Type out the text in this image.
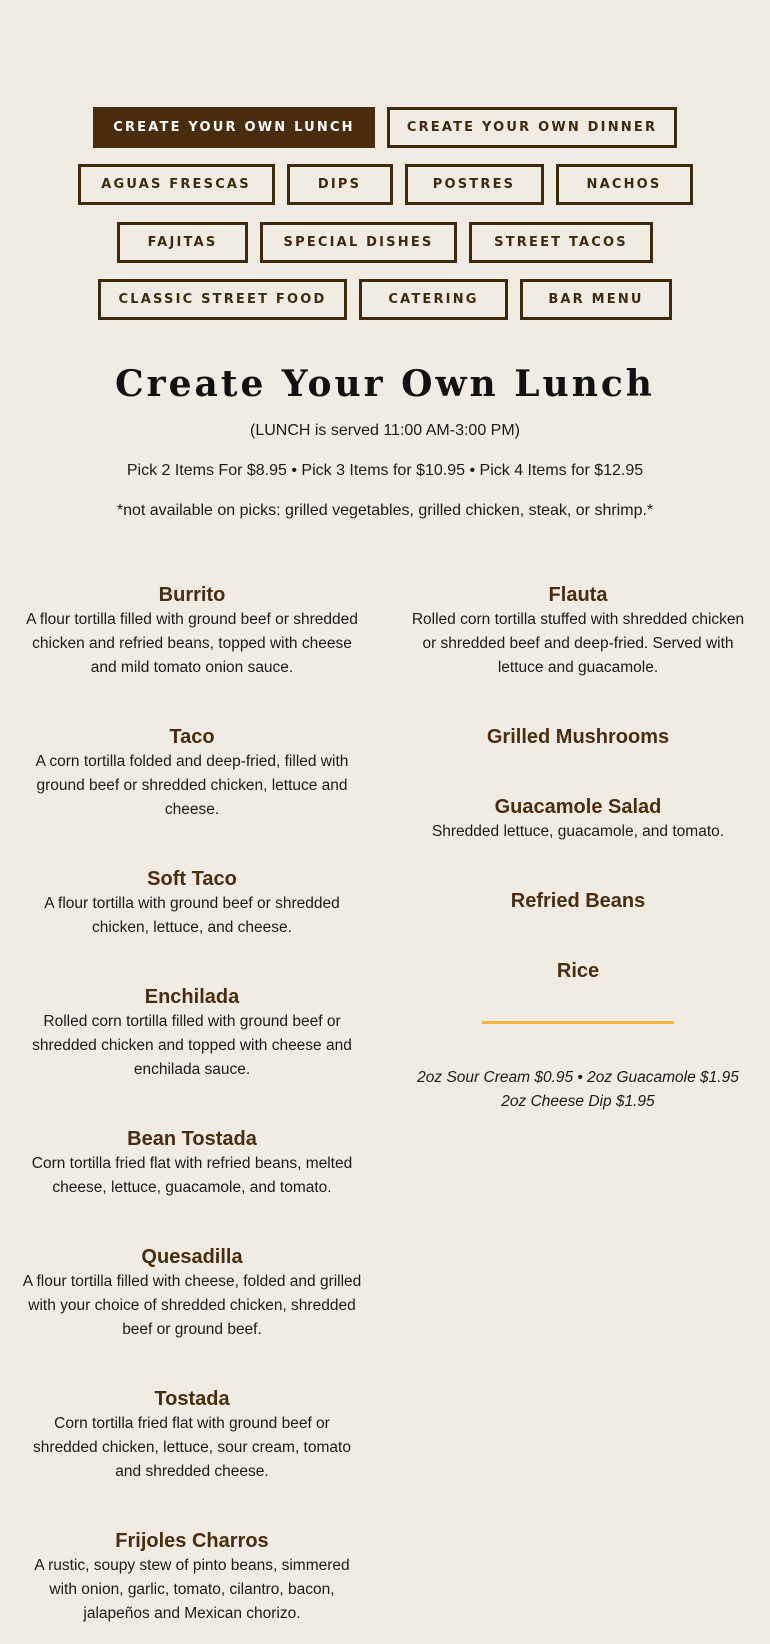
CREATE YOUR OWN LUNCH	CREATE YOUR OWN DINNER
AGUAS FRESCAS	DIPS	POSTRES	NACHOS
FAJITAS	SPECIAL DISHES	STREET TACOS
CLASSIC STREET FOOD	CATERING	BAR MENU
Create Your Own Lunch
(LUNCH is served 11:00 AM-3:00 PM)
Pick 2 Items For $8.95 • Pick 3 Items for $10.95 • Pick 4 Items for $12.95
*not available on picks: grilled vegetables, grilled chicken, steak, or shrimp.*
Burrito

A flour tortilla filled with ground beef or shredded chicken and refried beans, topped with cheese and mild tomato onion sauce.

Taco

A corn tortilla folded and deep-fried, filled with ground beef or shredded chicken, lettuce and cheese.

Soft Taco

A flour tortilla with ground beef or shredded chicken, lettuce, and cheese.

Enchilada

Rolled corn tortilla filled with ground beef or shredded chicken and topped with cheese and enchilada sauce.

Bean Tostada

Corn tortilla fried flat with refried beans, melted cheese, lettuce, guacamole, and tomato.

Quesadilla

A flour tortilla filled with cheese, folded and grilled with your choice of shredded chicken, shredded beef or ground beef.

Tostada

Corn tortilla fried flat with ground beef or shredded chicken, lettuce, sour cream, tomato and shredded cheese.

Frijoles Charros

A rustic, soupy stew of pinto beans, simmered with onion, garlic, tomato, cilantro, bacon, jalapeños and Mexican chorizo.

Flauta

Rolled corn tortilla stuffed with shredded chicken or shredded beef and deep-fried. Served with lettuce and guacamole.

Grilled Mushrooms
Guacamole Salad

Shredded lettuce, guacamole, and tomato.

Refried Beans
Rice
2oz Sour Cream $0.95 • 2oz Guacamole $1.95
2oz Cheese Dip $1.95
